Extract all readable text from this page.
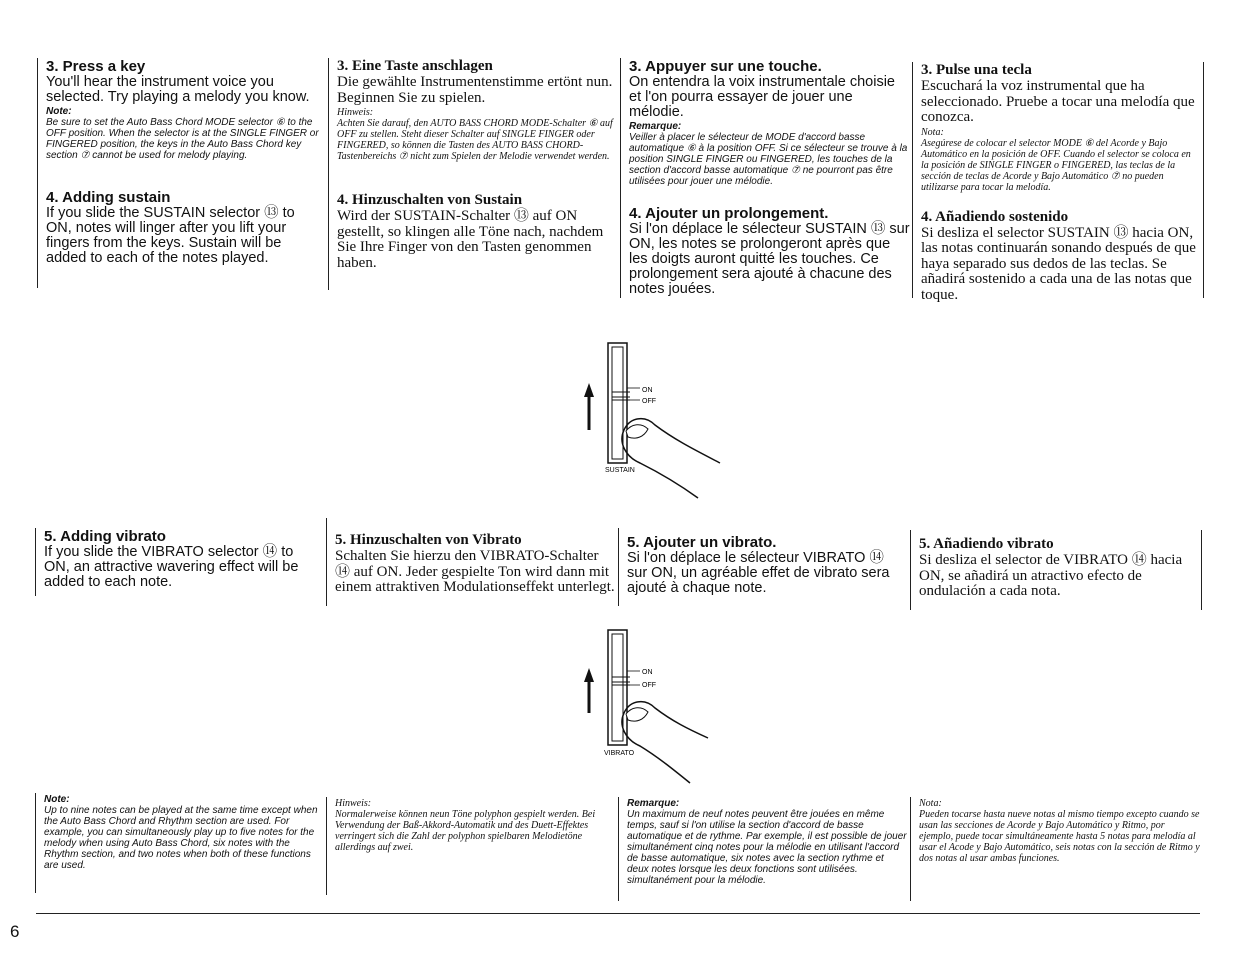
3. Press a key

You'll hear the instrument voice you selected. Try playing a melody you know.

Note:

Be sure to set the Auto Bass Chord MODE selector ⑥ to the OFF position. When the selector is at the SINGLE FINGER or FINGERED position, the keys in the Auto Bass Chord key section ⑦ cannot be used for melody playing.

4. Adding sustain

If you slide the SUSTAIN selector ⑬ to ON, notes will linger after you lift your fingers from the keys. Sustain will be added to each of the notes played.

3. Eine Taste anschlagen

Die gewählte Instrumentenstimme ertönt nun. Beginnen Sie zu spielen.

Hinweis:

Achten Sie darauf, den AUTO BASS CHORD MODE-Schalter ⑥ auf OFF zu stellen. Steht dieser Schalter auf SINGLE FINGER oder FINGERED, so können die Tasten des AUTO BASS CHORD-Tastenbereichs ⑦ nicht zum Spielen der Melodie verwendet werden.

4. Hinzuschalten von Sustain

Wird der SUSTAIN-Schalter ⑬ auf ON gestellt, so klingen alle Töne nach, nachdem Sie Ihre Finger von den Tasten genommen haben.

3. Appuyer sur une touche.

On entendra la voix instrumentale choisie et l'on pourra essayer de jouer une mélodie.

Remarque:

Veiller à placer le sélecteur de MODE d'accord basse automatique ⑥ à la position OFF. Si ce sélecteur se trouve à la position SINGLE FINGER ou FINGERED, les touches de la section d'accord basse automatique ⑦ ne pourront pas être utilisées pour jouer une mélodie.

4. Ajouter un prolongement.

Si l'on déplace le sélecteur SUSTAIN ⑬ sur ON, les notes se prolongeront après que les doigts auront quitté les touches. Ce prolongement sera ajouté à chacune des notes jouées.

3. Pulse una tecla

Escuchará la voz instrumental que ha seleccionado. Pruebe a tocar una melodía que conozca.

Nota:

Asegúrese de colocar el selector MODE ⑥ del Acorde y Bajo Automático en la posición de OFF. Cuando el selector se coloca en la posición de SINGLE FINGER o FINGERED, las teclas de la sección de teclas de Acorde y Bajo Automático ⑦ no pueden utilizarse para tocar la melodía.

4. Añadiendo sostenido

Si desliza el selector SUSTAIN ⑬ hacia ON, las notas continuarán sonando después de que haya separado sus dedos de las teclas. Se añadirá sostenido a cada una de las notas que toque.

ON
OFF
SUSTAIN
5. Adding vibrato

If you slide the VIBRATO selector ⑭ to ON, an attractive wavering effect will be added to each note.

5. Hinzuschalten von Vibrato

Schalten Sie hierzu den VIBRATO-Schalter ⑭ auf ON. Jeder gespielte Ton wird dann mit einem attraktiven Modulationseffekt unterlegt.

5. Ajouter un vibrato.

Si l'on déplace le sélecteur VIBRATO ⑭ sur ON, un agréable effet de vibrato sera ajouté à chaque note.

5. Añadiendo vibrato

Si desliza el selector de VIBRATO ⑭ hacia ON, se añadirá un atractivo efecto de ondulación a cada nota.

ON
OFF
VIBRATO
Note:

Up to nine notes can be played at the same time except when the Auto Bass Chord and Rhythm section are used. For example, you can simultaneously play up to five notes for the melody when using Auto Bass Chord, six notes with the Rhythm section, and two notes when both of these functions are used.

Hinweis:

Normalerweise können neun Töne polyphon gespielt werden. Bei Verwendung der Baß-Akkord-Automatik und des Duett-Effektes verringert sich die Zahl der polyphon spielbaren Melodietöne allerdings auf zwei.

Remarque:

Un maximum de neuf notes peuvent être jouées en même temps, sauf si l'on utilise la section d'accord de basse automatique et de rythme. Par exemple, il est possible de jouer simultanément cinq notes pour la mélodie en utilisant l'accord de basse automatique, six notes avec la section rythme et deux notes lorsque les deux fonctions sont utilisées. simultanément pour la mélodie.

Nota:

Pueden tocarse hasta nueve notas al mismo tiempo excepto cuando se usan las secciones de Acorde y Bajo Automático y Ritmo, por ejemplo, puede tocar simultáneamente hasta 5 notas para melodía al usar el Acode y Bajo Automático, seis notas con la sección de Ritmo y dos notas al usar ambas funciones.

6
